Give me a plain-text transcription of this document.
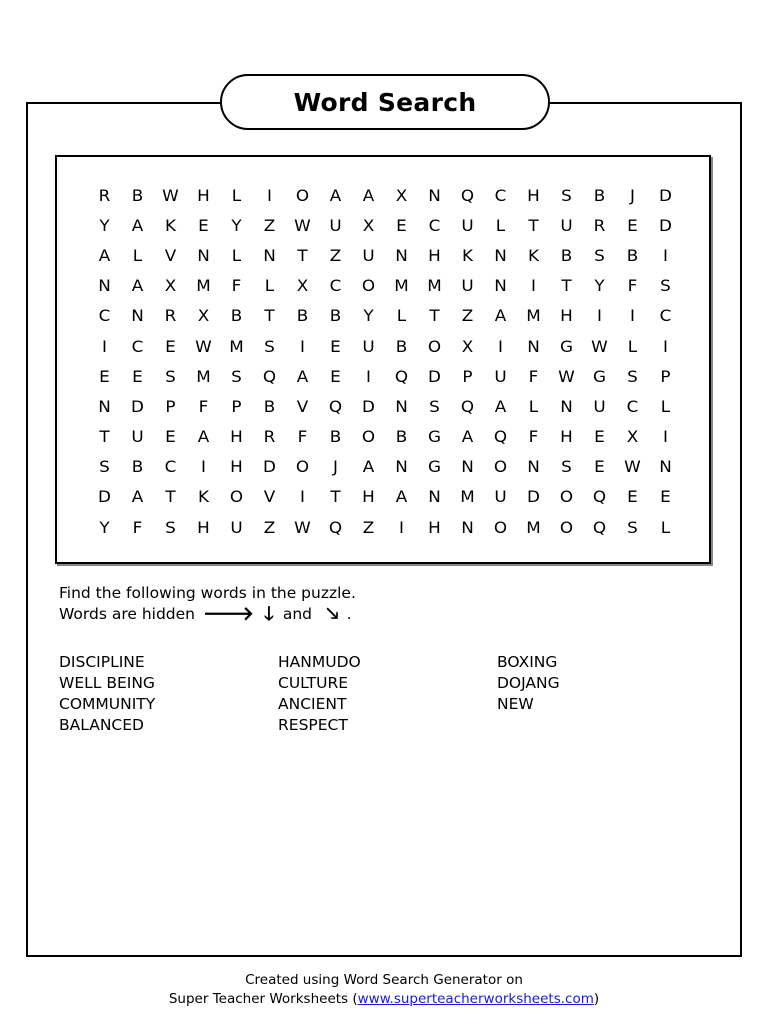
Word Search
R	B	W	H	L	I	O	A	A	X	N	Q	C	H	S	B	J	D
Y	A	K	E	Y	Z	W	U	X	E	C	U	L	T	U	R	E	D
A	L	V	N	L	N	T	Z	U	N	H	K	N	K	B	S	B	I
N	A	X	M	F	L	X	C	O	M	M	U	N	I	T	Y	F	S
C	N	R	X	B	T	B	B	Y	L	T	Z	A	M	H	I	I	C
I	C	E	W	M	S	I	E	U	B	O	X	I	N	G	W	L	I
E	E	S	M	S	Q	A	E	I	Q	D	P	U	F	W	G	S	P
N	D	P	F	P	B	V	Q	D	N	S	Q	A	L	N	U	C	L
T	U	E	A	H	R	F	B	O	B	G	A	Q	F	H	E	X	I
S	B	C	I	H	D	O	J	A	N	G	N	O	N	S	E	W	N
D	A	T	K	O	V	I	T	H	A	N	M	U	D	O	Q	E	E
Y	F	S	H	U	Z	W	Q	Z	I	H	N	O	M	O	Q	S	L
Find the following words in the puzzle.
Words are hidden 🡒 🡓 and 🡖 .
DISCIPLINE
WELL BEING
COMMUNITY
BALANCED
HANMUDO
CULTURE
ANCIENT
RESPECT
BOXING
DOJANG
NEW
Created using Word Search Generator on
Super Teacher Worksheets (www.superteacherworksheets.com)
